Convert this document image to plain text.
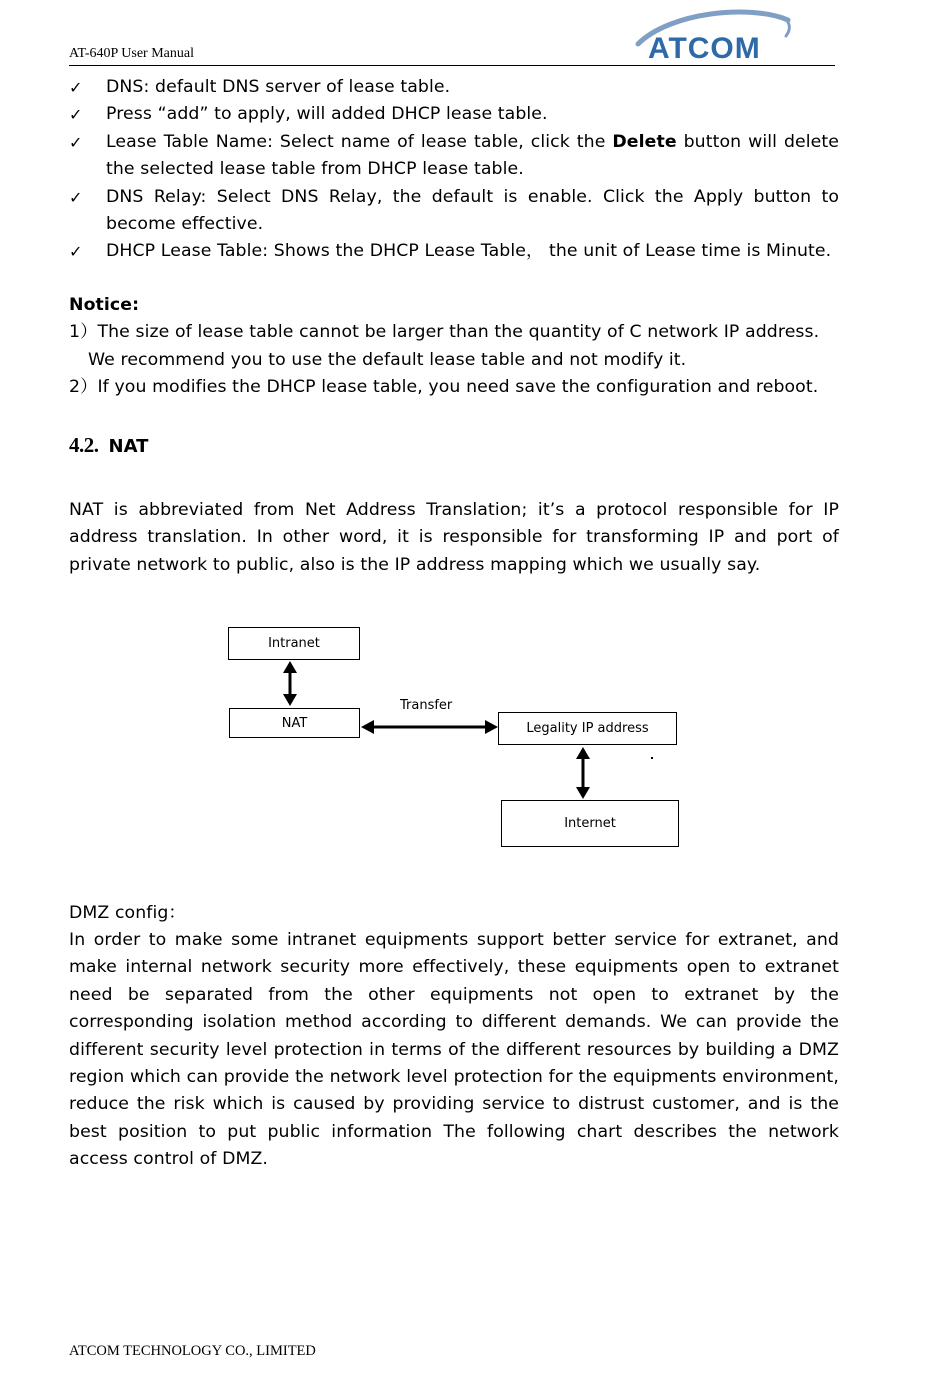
AT-640P User Manual	ATCOM
✓ DNS: default DNS server of lease table.
✓ Press “add” to apply, will added DHCP lease table.
✓ Lease Table Name: Select name of lease table, click the Delete button will delete the selected lease table from DHCP lease table.
✓ DNS Relay: Select DNS Relay, the default is enable. Click the Apply button to become effective.
✓ DHCP Lease Table: Shows the DHCP Lease Table， the unit of Lease time is Minute.
Notice:
1）The size of lease table cannot be larger than the quantity of C network IP address.
We recommend you to use the default lease table and not modify it.
2）If you modifies the DHCP lease table, you need save the configuration and reboot.
4.2. NAT

NAT is abbreviated from Net Address Translation; it’s a protocol responsible for IP address translation. In other word, it is responsible for transforming IP and port of private network to public, also is the IP address mapping which we usually say.

Intranet
NAT
Transfer
Legality IP address
Internet
DMZ config：

In order to make some intranet equipments support better service for extranet, and make internal network security more effectively, these equipments open to extranet need be separated from the other equipments not open to extranet by the corresponding isolation method according to different demands. We can provide the different security level protection in terms of the different resources by building a DMZ region which can provide the network level protection for the equipments environment, reduce the risk which is caused by providing service to distrust customer, and is the best position to put public information The following chart describes the network access control of DMZ.

ATCOM TECHNOLOGY CO., LIMITED
